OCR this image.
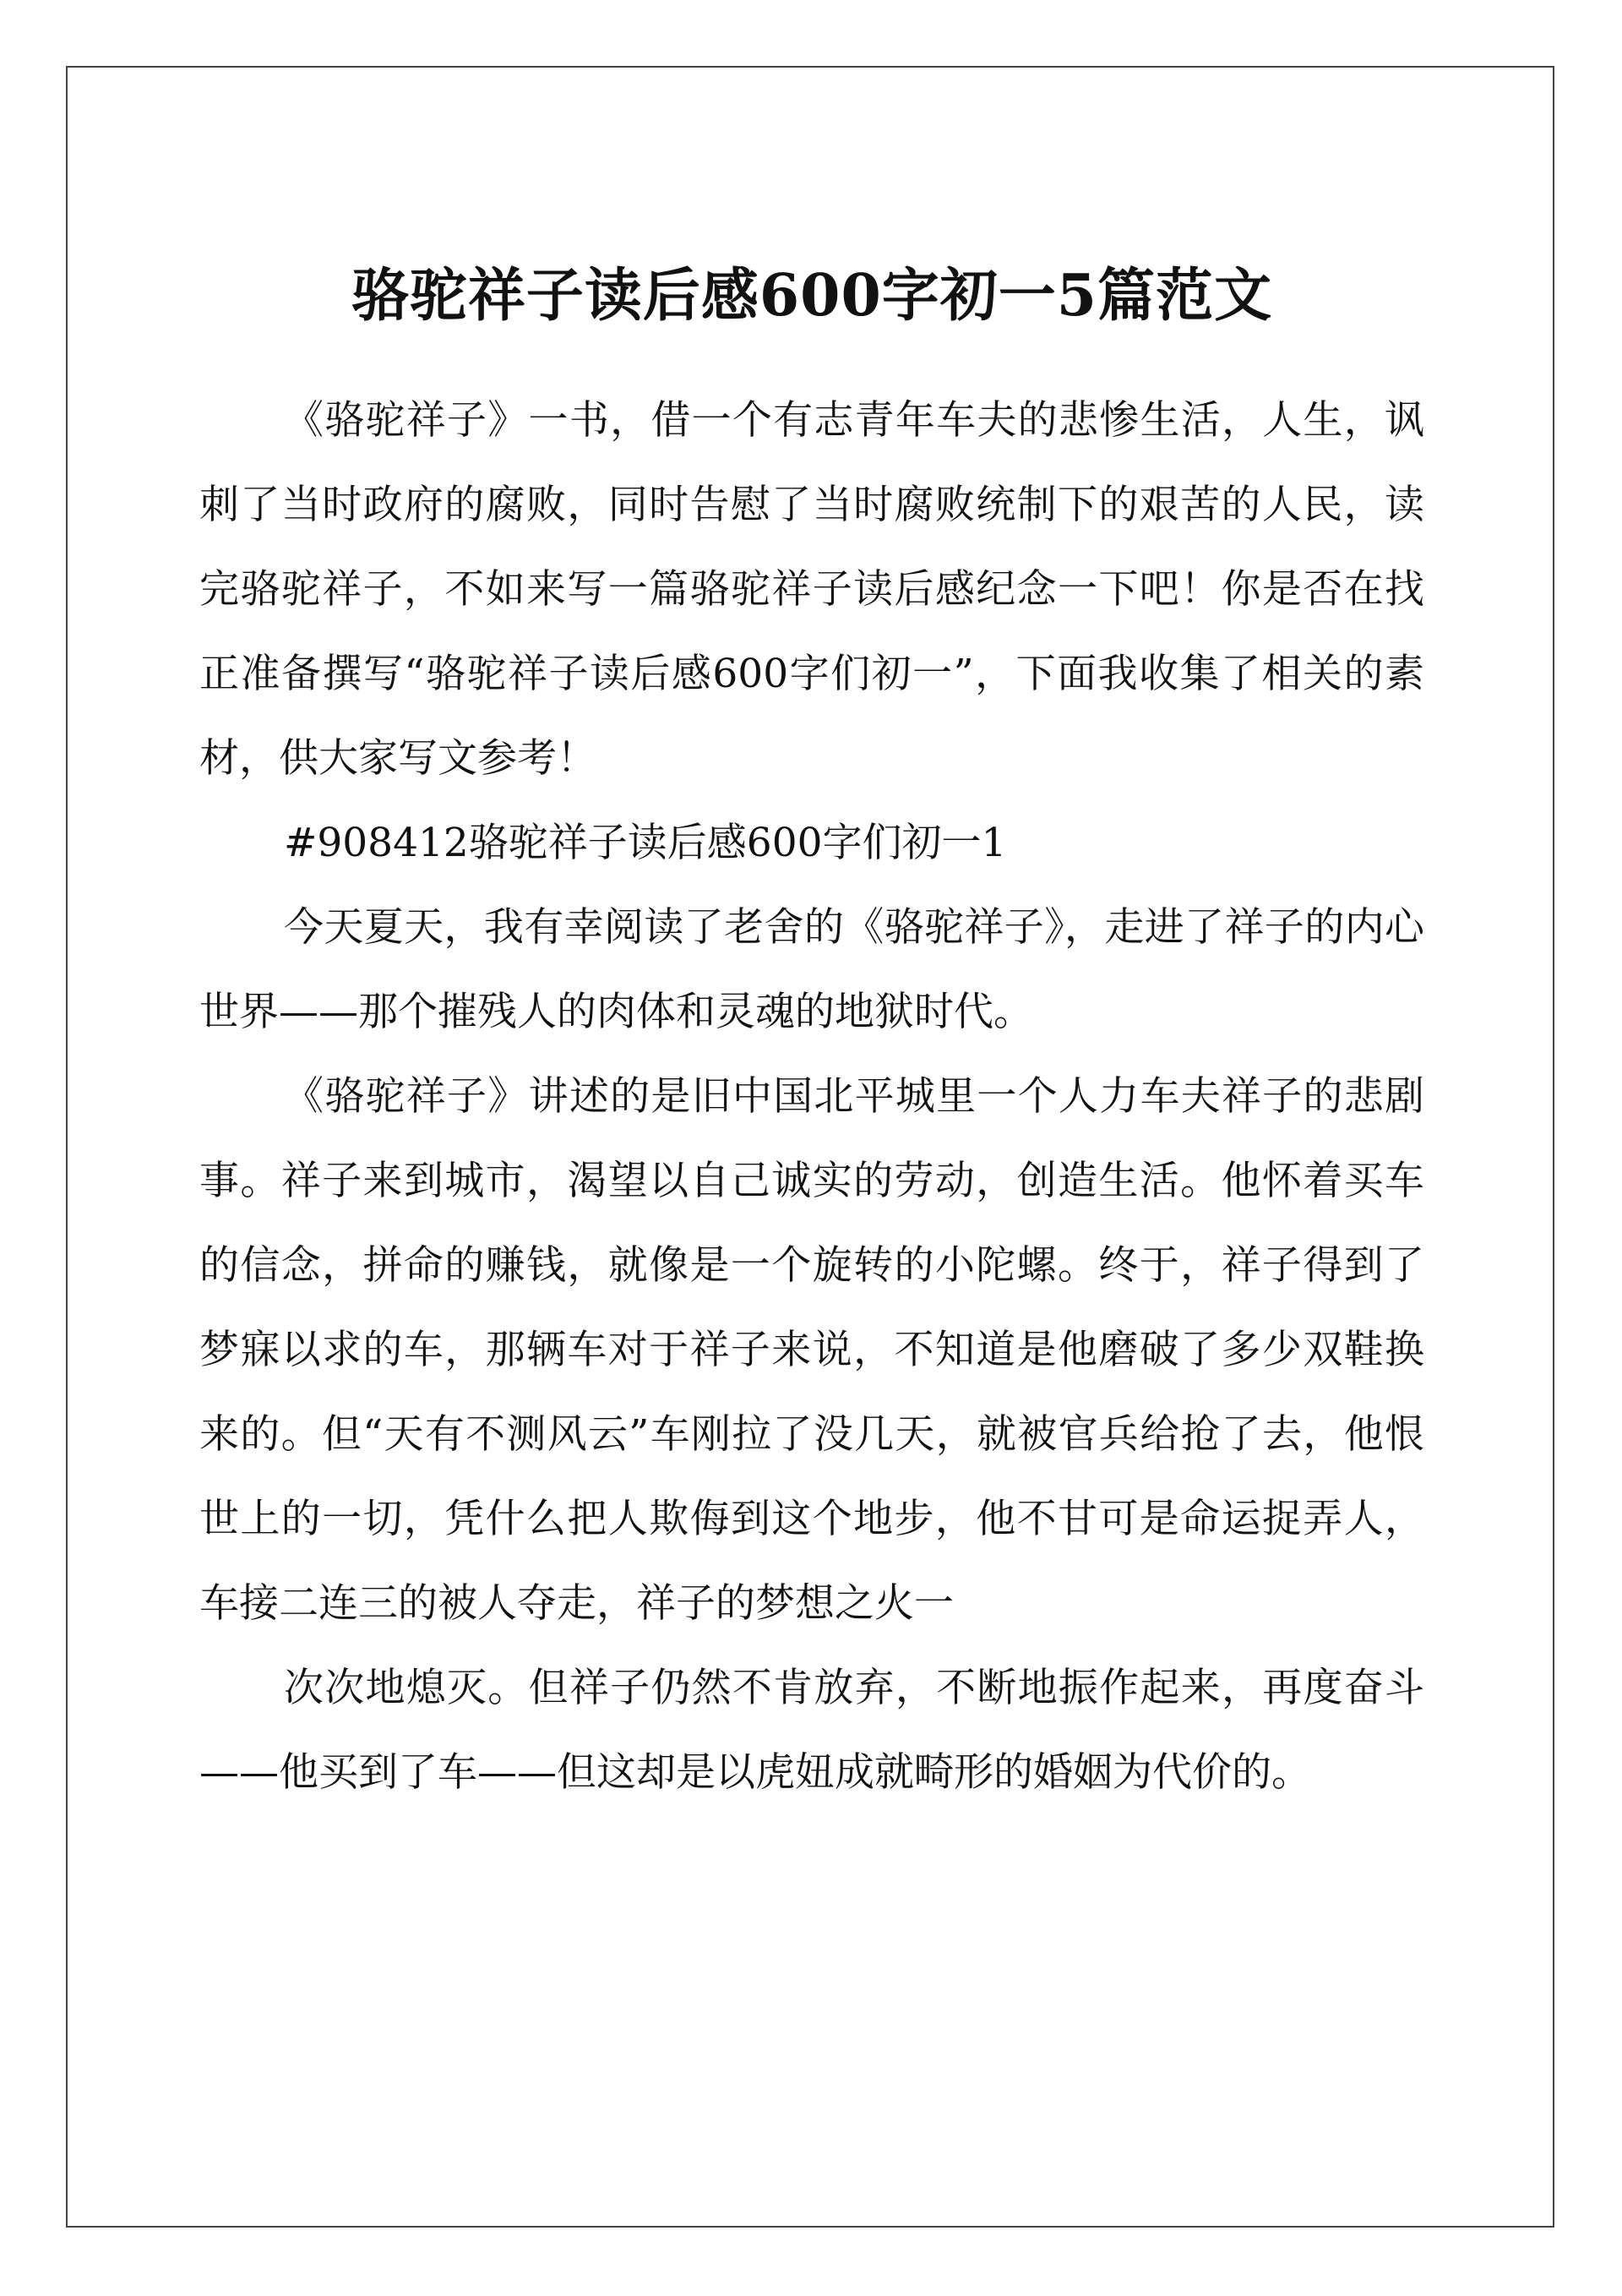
骆驼祥子读后感600字初一5篇范文

《骆驼祥子》一书，借一个有志青年车夫的悲惨生活，人生，讽刺了当时政府的腐败，同时告慰了当时腐败统制下的艰苦的人民，读完骆驼祥子，不如来写一篇骆驼祥子读后感纪念一下吧！你是否在找正准备撰写“骆驼祥子读后感600字们初一”，下面我收集了相关的素材，供大家写文参考！

#908412骆驼祥子读后感600字们初一1

今天夏天，我有幸阅读了老舍的《骆驼祥子》，走进了祥子的内心世界——那个摧残人的肉体和灵魂的地狱时代。

《骆驼祥子》讲述的是旧中国北平城里一个人力车夫祥子的悲剧事。祥子来到城市，渴望以自己诚实的劳动，创造生活。他怀着买车的信念，拼命的赚钱，就像是一个旋转的小陀螺。终于，祥子得到了梦寐以求的车，那辆车对于祥子来说，不知道是他磨破了多少双鞋换来的。但“天有不测风云”车刚拉了没几天，就被官兵给抢了去，他恨世上的一切，凭什么把人欺侮到这个地步，他不甘可是命运捉弄人，车接二连三的被人夺走，祥子的梦想之火一

次次地熄灭。但祥子仍然不肯放弃，不断地振作起来，再度奋斗——他买到了车——但这却是以虎妞成就畸形的婚姻为代价的。
